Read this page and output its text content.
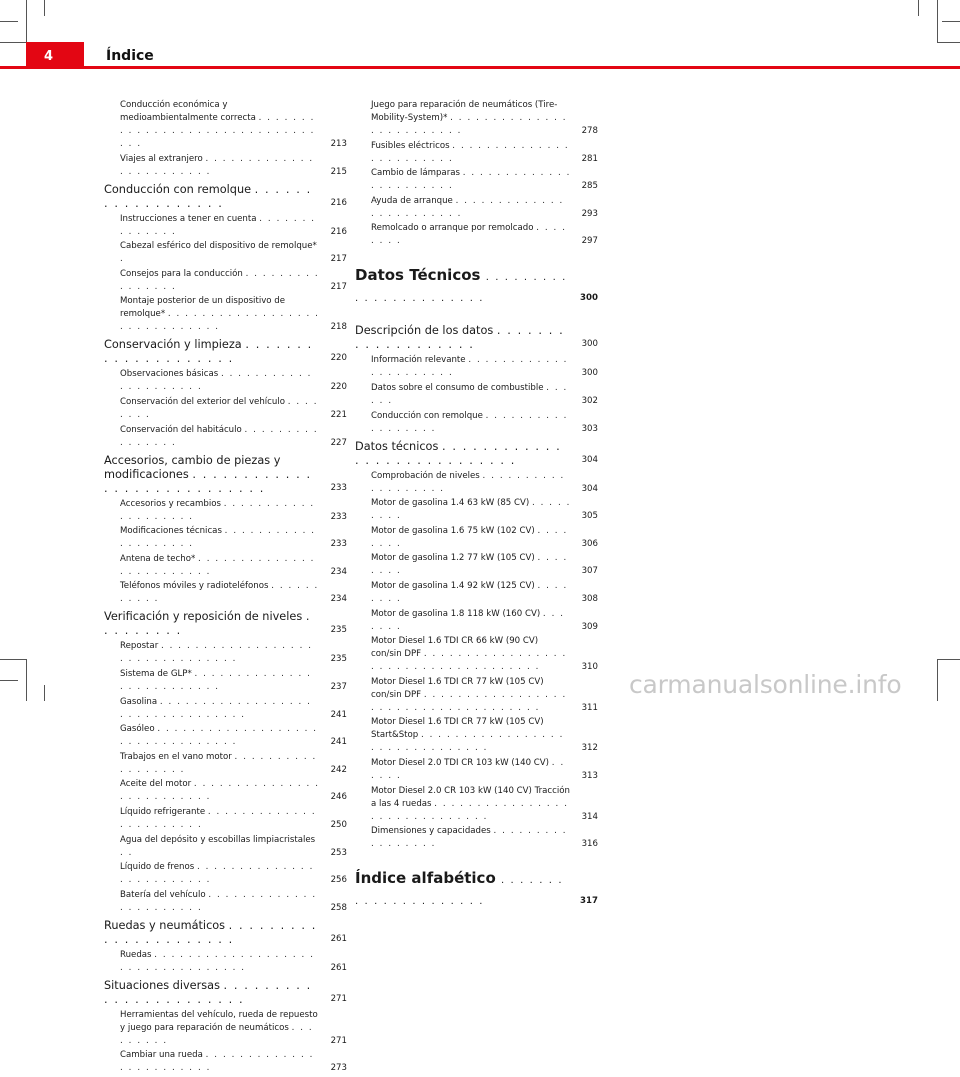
4	Índice
Conducción económica y medioambientalmente correcta . . . . . . . . . . . . . . . . . . . . . . . . . . . . . . . . .	213
Viajes al extranjero . . . . . . . . . . . . . . . . . . . . . . . .	215
Conducción con remolque . . . . . . . . . . . . . . . . . .	216
Instrucciones a tener en cuenta . . . . . . . . . . . . . .	216
Cabezal esférico del dispositivo de remolque* .	217
Consejos para la conducción . . . . . . . . . . . . . . . .	217
Montaje posterior de un dispositivo de remolque* . . . . . . . . . . . . . . . . . . . . . . . . . . . . . .	218
Conservación y limpieza . . . . . . . . . . . . . . . . . . . .	220
Observaciones básicas . . . . . . . . . . . . . . . . . . . . .	220
Conservación del exterior del vehículo . . . . . . . .	221
Conservación del habitáculo . . . . . . . . . . . . . . . .	227
Accesorios, cambio de piezas y modificaciones . . . . . . . . . . . . . . . . . . . . . . . . . . . .	233
Accesorios y recambios . . . . . . . . . . . . . . . . . . . .	233
Modificaciones técnicas . . . . . . . . . . . . . . . . . . . .	233
Antena de techo* . . . . . . . . . . . . . . . . . . . . . . . . .	234
Teléfonos móviles y radioteléfonos . . . . . . . . . . .	234
Verificación y reposición de niveles . . . . . . . . .	235
Repostar . . . . . . . . . . . . . . . . . . . . . . . . . . . . . . . .	235
Sistema de GLP* . . . . . . . . . . . . . . . . . . . . . . . . . .	237
Gasolina . . . . . . . . . . . . . . . . . . . . . . . . . . . . . . . . .	241
Gasóleo . . . . . . . . . . . . . . . . . . . . . . . . . . . . . . . . .	241
Trabajos en el vano motor . . . . . . . . . . . . . . . . . .	242
Aceite del motor . . . . . . . . . . . . . . . . . . . . . . . . . .	246
Líquido refrigerante . . . . . . . . . . . . . . . . . . . . . . .	250
Agua del depósito y escobillas limpiacristales . .	253
Líquido de frenos . . . . . . . . . . . . . . . . . . . . . . . . .	256
Batería del vehículo . . . . . . . . . . . . . . . . . . . . . . .	258
Ruedas y neumáticos . . . . . . . . . . . . . . . . . . . . . .	261
Ruedas . . . . . . . . . . . . . . . . . . . . . . . . . . . . . . . . . .	261
Situaciones diversas . . . . . . . . . . . . . . . . . . . . . . .	271
Herramientas del vehículo, rueda de repuesto y juego para reparación de neumáticos . . . . . . . . .	271
Cambiar una rueda . . . . . . . . . . . . . . . . . . . . . . . .	273
Juego para reparación de neumáticos (Tire-Mobility-System)* . . . . . . . . . . . . . . . . . . . . . . . . .	278
Fusibles eléctricos . . . . . . . . . . . . . . . . . . . . . . . .	281
Cambio de lámparas . . . . . . . . . . . . . . . . . . . . . . .	285
Ayuda de arranque . . . . . . . . . . . . . . . . . . . . . . . .	293
Remolcado o arranque por remolcado . . . . . . . .	297
Datos Técnicos . . . . . . . . . . . . . . . . . . . . . . .	300
Descripción de los datos . . . . . . . . . . . . . . . . . . .	300
Información relevante . . . . . . . . . . . . . . . . . . . . . .	300
Datos sobre el consumo de combustible . . . . . .	302
Conducción con remolque . . . . . . . . . . . . . . . . . .	303
Datos técnicos . . . . . . . . . . . . . . . . . . . . . . . . . . . .	304
Comprobación de niveles . . . . . . . . . . . . . . . . . . .	304
Motor de gasolina 1.4 63 kW (85 CV) . . . . . . . . .	305
Motor de gasolina 1.6 75 kW (102 CV) . . . . . . . .	306
Motor de gasolina 1.2 77 kW (105 CV) . . . . . . . .	307
Motor de gasolina 1.4 92 kW (125 CV) . . . . . . . .	308
Motor de gasolina 1.8 118 kW (160 CV) . . . . . . .	309
Motor Diesel 1.6 TDI CR 66 kW (90 CV) con/sin DPF . . . . . . . . . . . . . . . . . . . . . . . . . . . . . . . . . . . . .	310
Motor Diesel 1.6 TDI CR 77 kW (105 CV) con/sin DPF . . . . . . . . . . . . . . . . . . . . . . . . . . . . . . . . . . . . .	311
Motor Diesel 1.6 TDI CR 77 kW (105 CV) Start&Stop . . . . . . . . . . . . . . . . . . . . . . . . . . . . . . .	312
Motor Diesel 2.0 TDI CR 103 kW (140 CV) . . . . . .	313
Motor Diesel 2.0 CR 103 kW (140 CV) Tracción a las 4 ruedas . . . . . . . . . . . . . . . . . . . . . . . . . . . . . .	314
Dimensiones y capacidades . . . . . . . . . . . . . . . . .	316
Índice alfabético . . . . . . . . . . . . . . . . . . . . .	317
carmanualsonline.info
